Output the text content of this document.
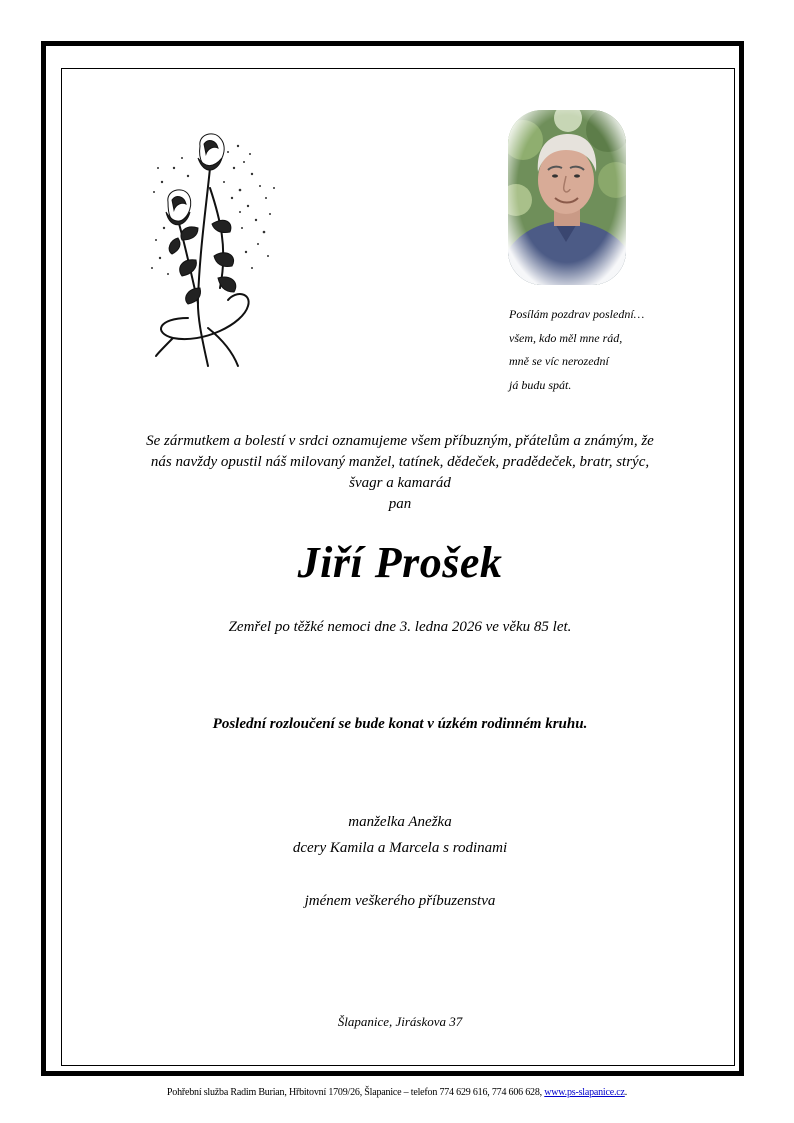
Posílám pozdrav poslední…
všem, kdo měl mne rád,
mně se víc nerozední
já budu spát.
Se zármutkem a bolestí v srdci oznamujeme všem příbuzným, přátelům a známým, že
nás navždy opustil náš milovaný manžel, tatínek, dědeček, pradědeček, bratr, strýc,
švagr a kamarád
pan
Jiří Prošek
Zemřel po těžké nemoci dne 3. ledna 2026 ve věku 85 let.
Poslední rozloučení se bude konat v úzkém rodinném kruhu.
manželka Anežka
dcery Kamila a Marcela s rodinami
jménem veškerého příbuzenstva
Šlapanice, Jiráskova 37
Pohřební služba Radim Burian, Hřbitovní 1709/26, Šlapanice – telefon 774 629 616, 774 606 628, www.ps-slapanice.cz.
